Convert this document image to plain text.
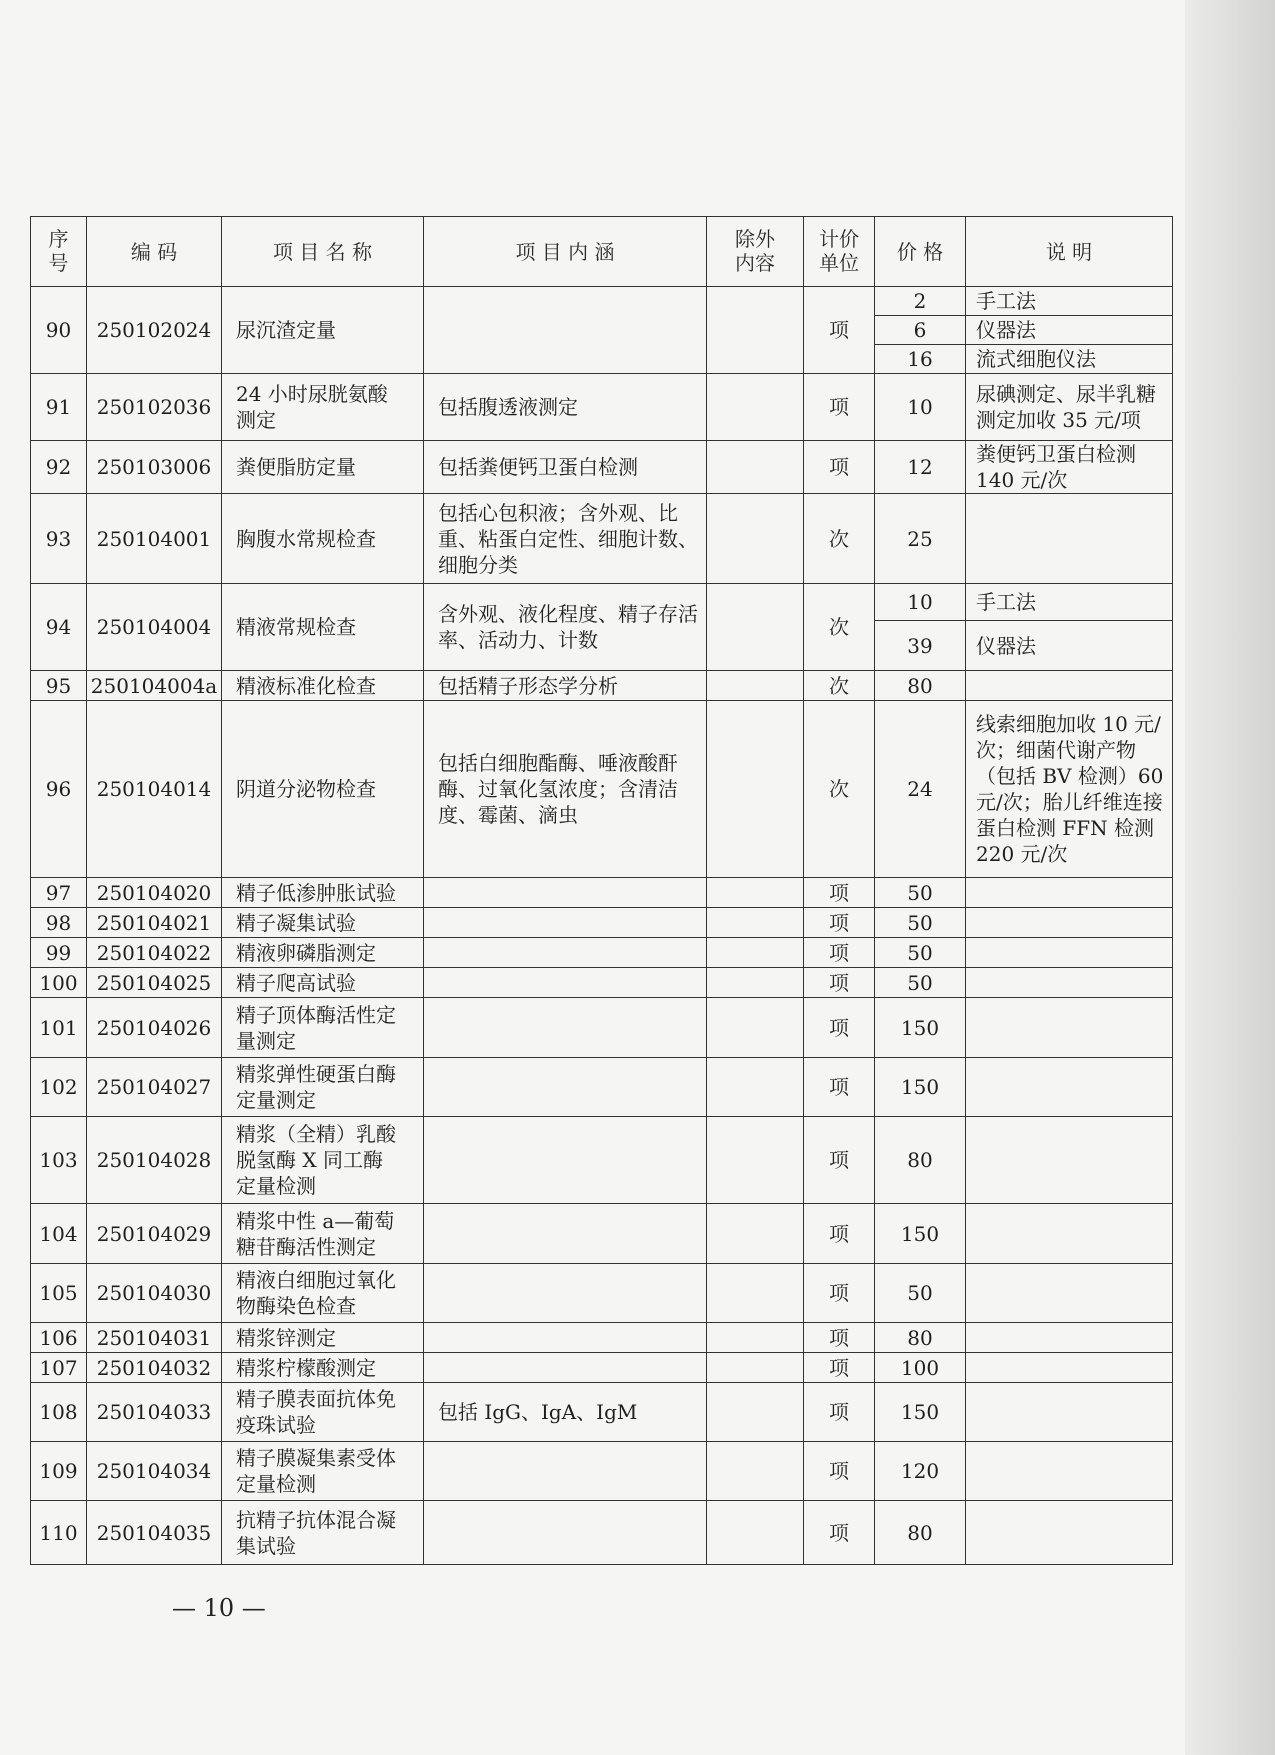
序号	编 码	项 目 名 称	项 目 内 涵	除外内容	计价单位	价 格	说 明
90	250102024	尿沉渣定量			项	2	手工法
						6	仪器法
						16	流式细胞仪法
91	250102036	24 小时尿胱氨酸测定	包括腹透液测定		项	10	尿碘测定、尿半乳糖测定加收 35 元/项
92	250103006	粪便脂肪定量	包括粪便钙卫蛋白检测		项	12	粪便钙卫蛋白检测 140 元/次
93	250104001	胸腹水常规检查	包括心包积液；含外观、比重、粘蛋白定性、细胞计数、细胞分类		次	25	
94	250104004	精液常规检查	含外观、液化程度、精子存活率、活动力、计数		次	10	手工法
						39	仪器法
95	250104004a	精液标准化检查	包括精子形态学分析		次	80	
96	250104014	阴道分泌物检查	包括白细胞酯酶、唾液酸酐酶、过氧化氢浓度；含清洁度、霉菌、滴虫		次	24	线索细胞加收 10 元/次；细菌代谢产物（包括 BV 检测）60 元/次；胎儿纤维连接蛋白检测 FFN 检测 220 元/次
97	250104020	精子低渗肿胀试验			项	50	
98	250104021	精子凝集试验			项	50	
99	250104022	精液卵磷脂测定			项	50	
100	250104025	精子爬高试验			项	50	
101	250104026	精子顶体酶活性定量测定			项	150	
102	250104027	精浆弹性硬蛋白酶定量测定			项	150	
103	250104028	精浆（全精）乳酸脱氢酶 X 同工酶定量检测			项	80	
104	250104029	精浆中性 a—葡萄糖苷酶活性测定			项	150	
105	250104030	精液白细胞过氧化物酶染色检查			项	50	
106	250104031	精浆锌测定			项	80	
107	250104032	精浆柠檬酸测定			项	100	
108	250104033	精子膜表面抗体免疫珠试验	包括 IgG、IgA、IgM		项	150	
109	250104034	精子膜凝集素受体定量检测			项	120	
110	250104035	抗精子抗体混合凝集试验			项	80	
— 10 —
